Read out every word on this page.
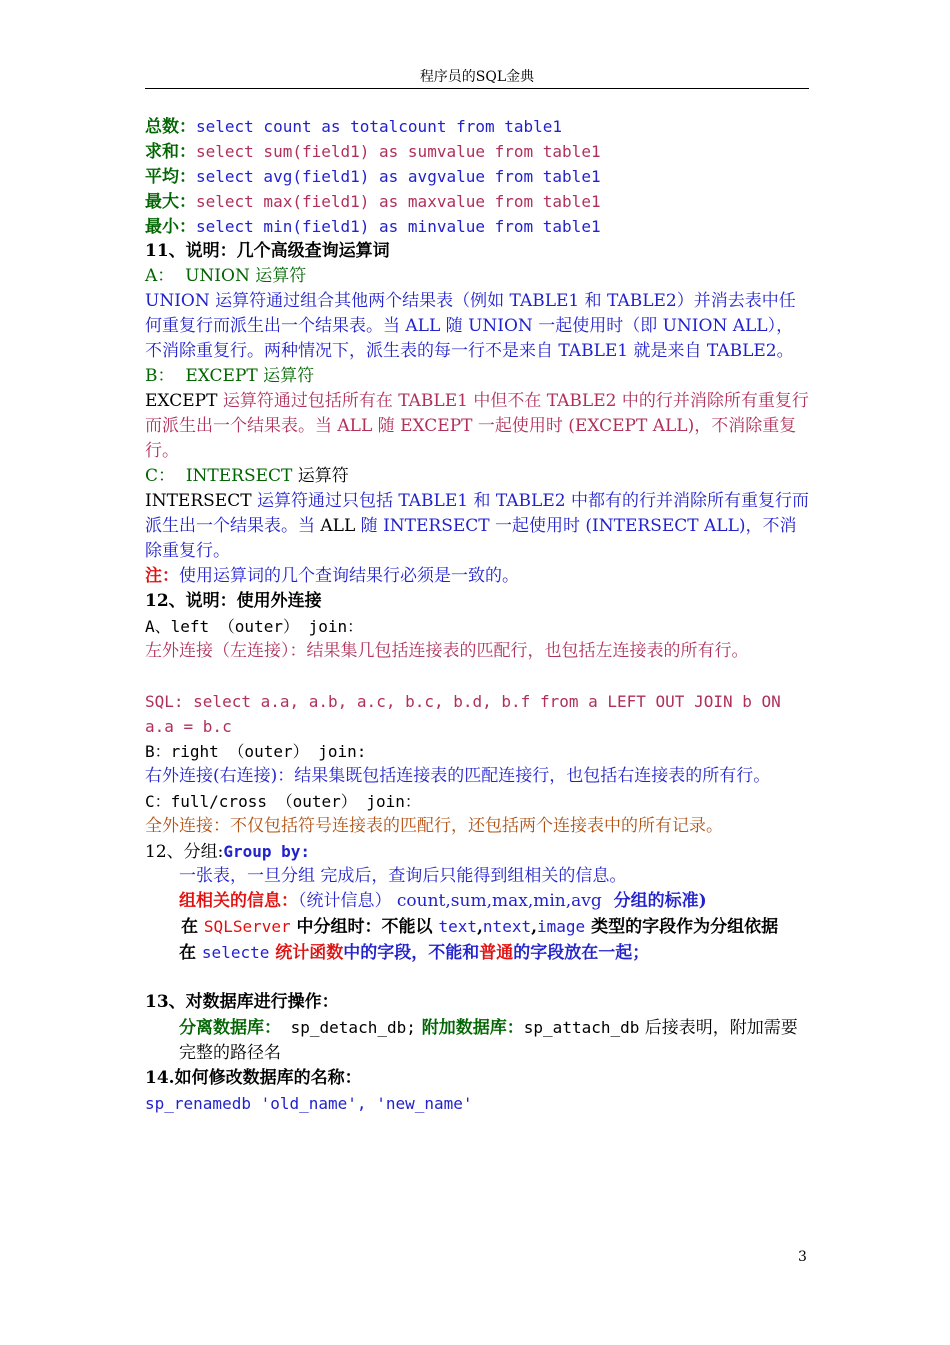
程序员的SQL金典
总数：select count as totalcount from table1
求和：select sum(field1) as sumvalue from table1
平均：select avg(field1) as avgvalue from table1
最大：select max(field1) as maxvalue from table1
最小：select min(field1) as minvalue from table1
11、说明：几个高级查询运算词
A： UNION 运算符
UNION 运算符通过组合其他两个结果表（例如 TABLE1 和 TABLE2）并消去表中任何重复行而派生出一个结果表。当 ALL 随 UNION 一起使用时（即 UNION ALL），不消除重复行。两种情况下，派生表的每一行不是来自 TABLE1 就是来自 TABLE2。
B： EXCEPT 运算符
EXCEPT 运算符通过包括所有在 TABLE1 中但不在 TABLE2 中的行并消除所有重复行而派生出一个结果表。当 ALL 随 EXCEPT 一起使用时 (EXCEPT ALL)，不消除重复行。
C： INTERSECT 运算符
INTERSECT 运算符通过只包括 TABLE1 和 TABLE2 中都有的行并消除所有重复行而派生出一个结果表。当 ALL 随 INTERSECT 一起使用时 (INTERSECT ALL)，不消除重复行。
注：使用运算词的几个查询结果行必须是一致的。
12、说明：使用外连接
A、left （outer） join：
左外连接（左连接）：结果集几包括连接表的匹配行，也包括左连接表的所有行。
SQL: select a.a, a.b, a.c, b.c, b.d, b.f from a LEFT OUT JOIN b ON a.a = b.c
B：right （outer） join:
右外连接(右连接)：结果集既包括连接表的匹配连接行，也包括右连接表的所有行。
C：full/cross （outer） join：
全外连接：不仅包括符号连接表的匹配行，还包括两个连接表中的所有记录。
12、分组:Group by:
一张表，一旦分组 完成后，查询后只能得到组相关的信息。
组相关的信息：（统计信息） count,sum,max,min,avg  分组的标准)
在 SQLServer 中分组时：不能以 text,ntext,image 类型的字段作为分组依据
在 selecte 统计函数中的字段，不能和普通的字段放在一起；
13、对数据库进行操作：
分离数据库： sp_detach_db; 附加数据库：sp_attach_db 后接表明，附加需要完整的路径名
14.如何修改数据库的名称：
sp_renamedb 'old_name', 'new_name'
3
